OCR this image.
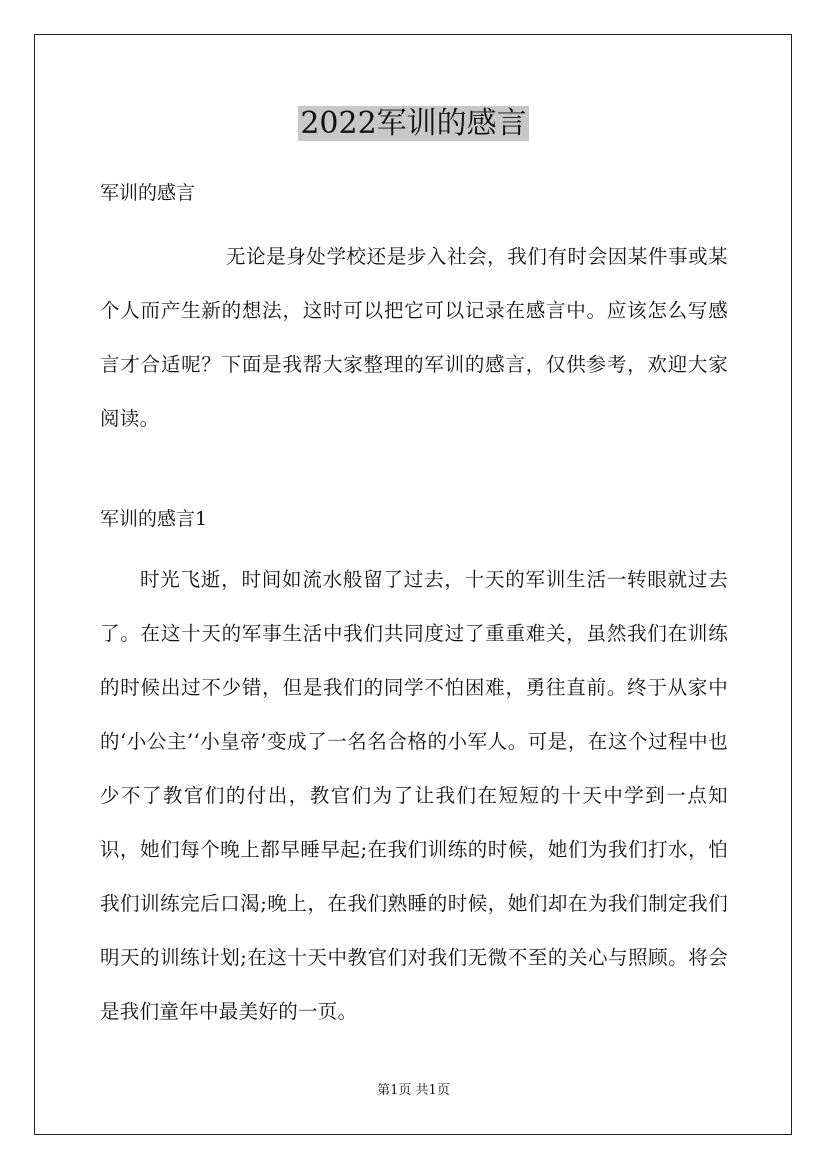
2022军训的感言
军训的感言
无论是身处学校还是步入社会，我们有时会因某件事或某个人而产生新的想法，这时可以把它可以记录在感言中。应该怎么写感言才合适呢？下面是我帮大家整理的军训的感言，仅供参考，欢迎大家阅读。
军训的感言1
时光飞逝，时间如流水般留了过去，十天的军训生活一转眼就过去了。在这十天的军事生活中我们共同度过了重重难关，虽然我们在训练的时候出过不少错，但是我们的同学不怕困难，勇往直前。终于从家中的‘小公主’‘小皇帝’变成了一名名合格的小军人。可是，在这个过程中也少不了教官们的付出，教官们为了让我们在短短的十天中学到一点知识，她们每个晚上都早睡早起;在我们训练的时候，她们为我们打水，怕我们训练完后口渴;晚上，在我们熟睡的时候，她们却在为我们制定我们明天的训练计划;在这十天中教官们对我们无微不至的关心与照顾。将会是我们童年中最美好的一页。
第1页 共1页
